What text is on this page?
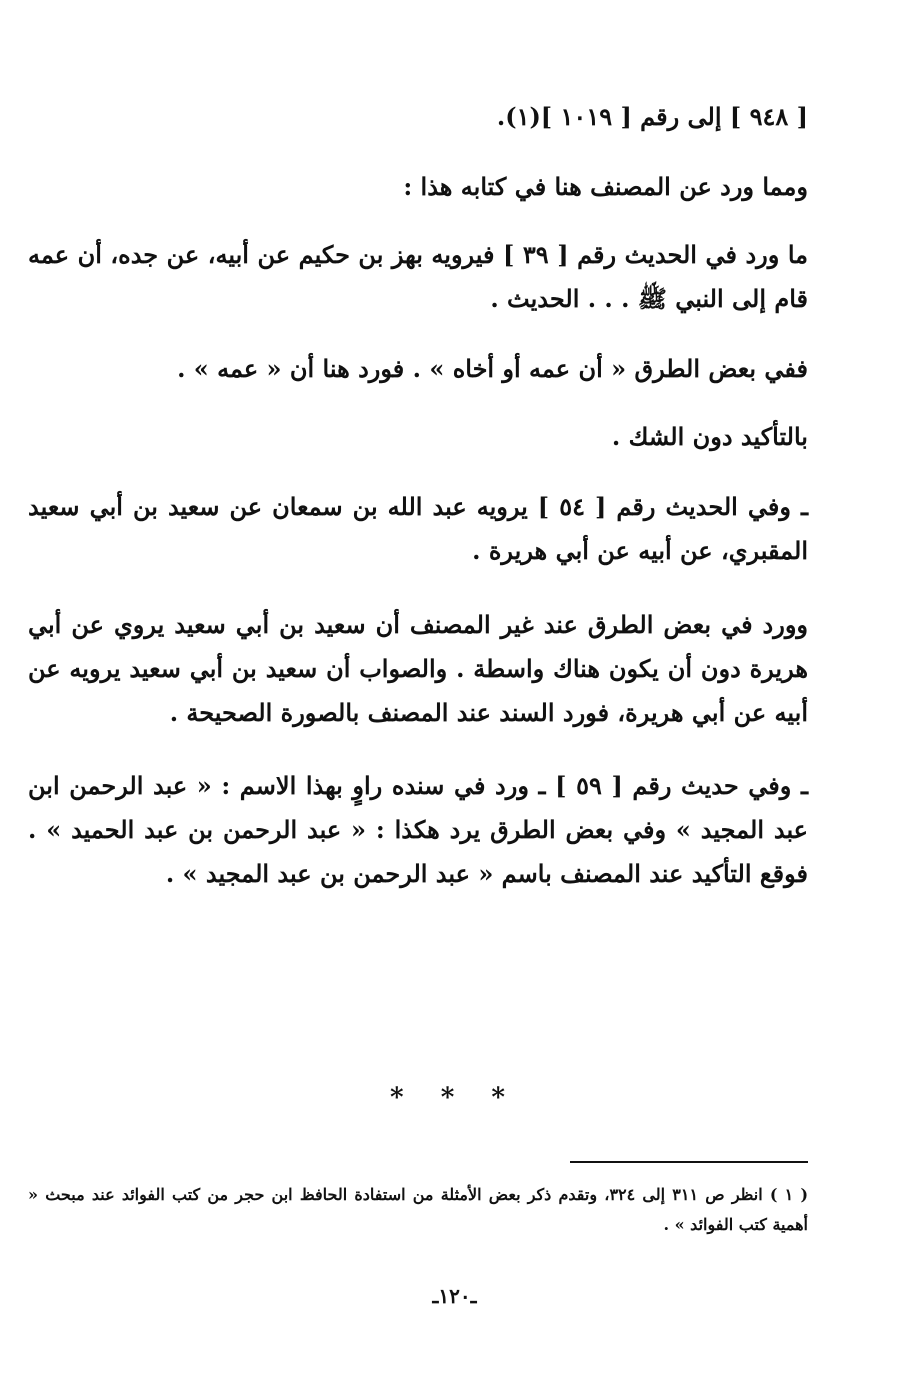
[ ٩٤٨ ] إلى رقم [ ١٠١٩ ](١).

ومما ورد عن المصنف هنا في كتابه هذا :

ما ورد في الحديث رقم [ ٣٩ ] فيرويه بهز بن حكيم عن أبيه، عن جده، أن عمه قام إلى النبي ﷺ . . . الحديث .

ففي بعض الطرق « أن عمه أو أخاه » . فورد هنا أن « عمه » .

بالتأكيد دون الشك .

ـ وفي الحديث رقم [ ٥٤ ] يرويه عبد الله بن سمعان عن سعيد بن أبي سعيد المقبري، عن أبيه عن أبي هريرة .

وورد في بعض الطرق عند غير المصنف أن سعيد بن أبي سعيد يروي عن أبي هريرة دون أن يكون هناك واسطة . والصواب أن سعيد بن أبي سعيد يرويه عن أبيه عن أبي هريرة، فورد السند عند المصنف بالصورة الصحيحة .

ـ وفي حديث رقم [ ٥٩ ] ـ ورد في سنده راوٍ بهذا الاسم : « عبد الرحمن ابن عبد المجيد » وفي بعض الطرق يرد هكذا : « عبد الرحمن بن عبد الحميد » . فوقع التأكيد عند المصنف باسم « عبد الرحمن بن عبد المجيد » .

* * *

( ١ ) انظر ص ٣١١ إلى ٣٢٤، وتقدم ذكر بعض الأمثلة من استفادة الحافظ ابن حجر من كتب الفوائد عند مبحث « أهمية كتب الفوائد » .

ـ١٢٠ـ
